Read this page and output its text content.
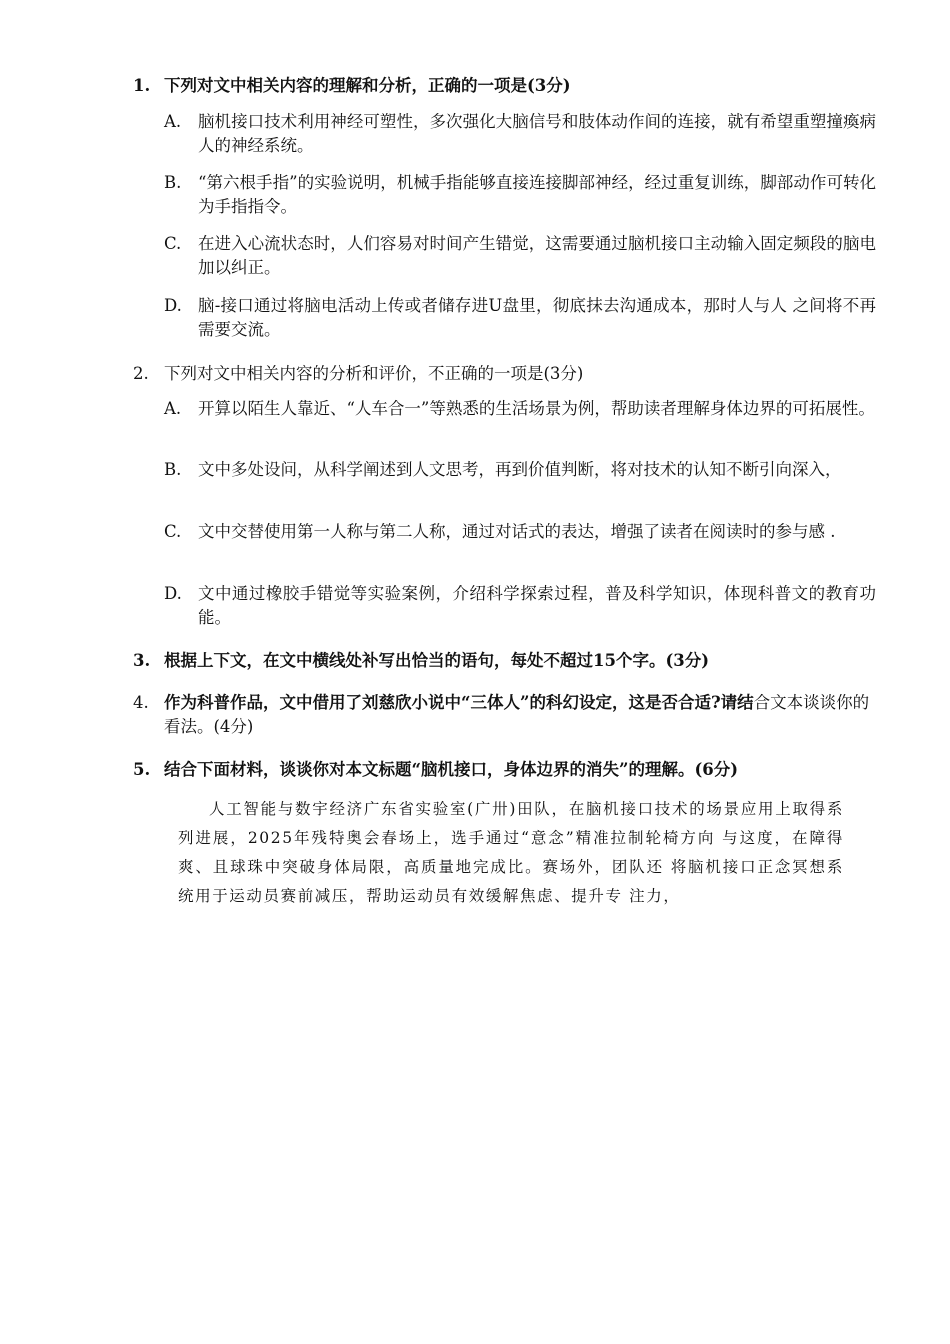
1. 下列对文中相关内容的理解和分析，正确的一项是(3分)
A. 脑机接口技术利用神经可塑性，多次强化大脑信号和肢体动作间的连接，就有希望重塑撞瘓病人的神经系统。
B. “第六根手指”的实验说明，机械手指能够直接连接脚部神经，经过重复训练，脚部动作可转化为手指指令。
C. 在进入心流状态时，人们容易对时间产生错觉，这需要通过脑机接口主动输入固定频段的脑电加以纠正。
D. 脑-接口通过将脑电活动上传或者储存进U盘里，彻底抹去沟通成本，那时人与人 之间将不再需要交流。
2. 下列对文中相关内容的分析和评价，不正确的一项是(3分)
A. 开算以陌生人靠近、“人车合一”等熟悉的生活场景为例，帮助读者理解身体边界的可拓展性。
B. 文中多处设问，从科学阐述到人文思考，再到价值判断，将对技术的认知不断引向深入，
C. 文中交替使用第一人称与第二人称，通过对话式的表达，增强了读者在阅读时的参与感 .
D. 文中通过橡胶手错觉等实验案例，介绍科学探索过程，普及科学知识，体现科普文的教育功能。
3. 根据上下文，在文中横线处补写出恰当的语句，每处不超过15个字。(3分)
4. 作为科普作品，文中借用了刘慈欣小说中“三体人”的科幻设定，这是否合适?请结合文本谈谈你的看法。(4分)
5. 结合下面材料，谈谈你对本文标题“脑机接口，身体边界的消失”的理解。(6分)
人工智能与数宇经济广东省实验室(广卅)田队，在脑机接口技术的场景应用上取得系列进展，2025年残特奥会春场上，选手通过“意念”精准拉制轮椅方向 与这度，在障得爽、且球珠中突破身体局限，高质量地完成比。赛场外，团队还 将脑机接口正念冥想系统用于运动员赛前减压，帮助运动员有效缓解焦虑、提升专 注力，
